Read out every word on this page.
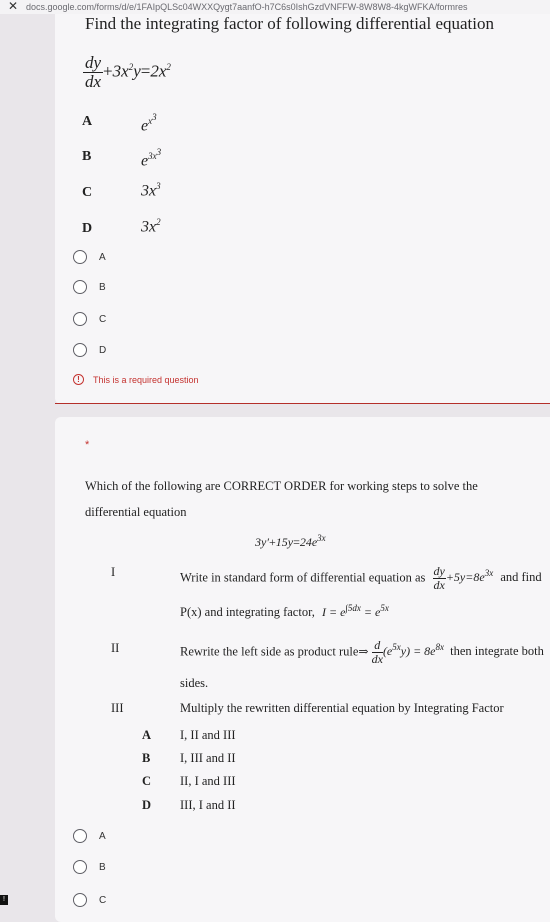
✕ docs.google.com/forms/d/e/1FAIpQLSc04WXXQygt7aanfO-h7C6s0IshGzdVNFFW-8W8W8-4kgWFKA/formres
Find the integrating factor of following differential equation
$\frac{dy}{dx} +3x^2y=2x^2$
A	$e^{x^3}$
B	$e^{3x^3}$
C	$3x^3$
D	$3x^2$
A
B
C
D
!	This is a required question
*
Which of the following are CORRECT ORDER for working steps to solve the
differential equation
$3y'+15y=24e^{3x}$
I	Write in standard form of differential equation as $\frac{dy}{dx} +5y=8e^{3x}$ and find
P(x) and integrating factor, $I = e^{\int 5dx} = e^{5x}$
II	Rewrite the left side as product rule⇒ $\frac{d}{dx} (e^{5x}y) = 8e^{8x}$ then integrate both
sides.
III	Multiply the rewritten differential equation by Integrating Factor
A I, II and III
B I, III and II
C II, I and III
D III, I and II
A
B
C
!
